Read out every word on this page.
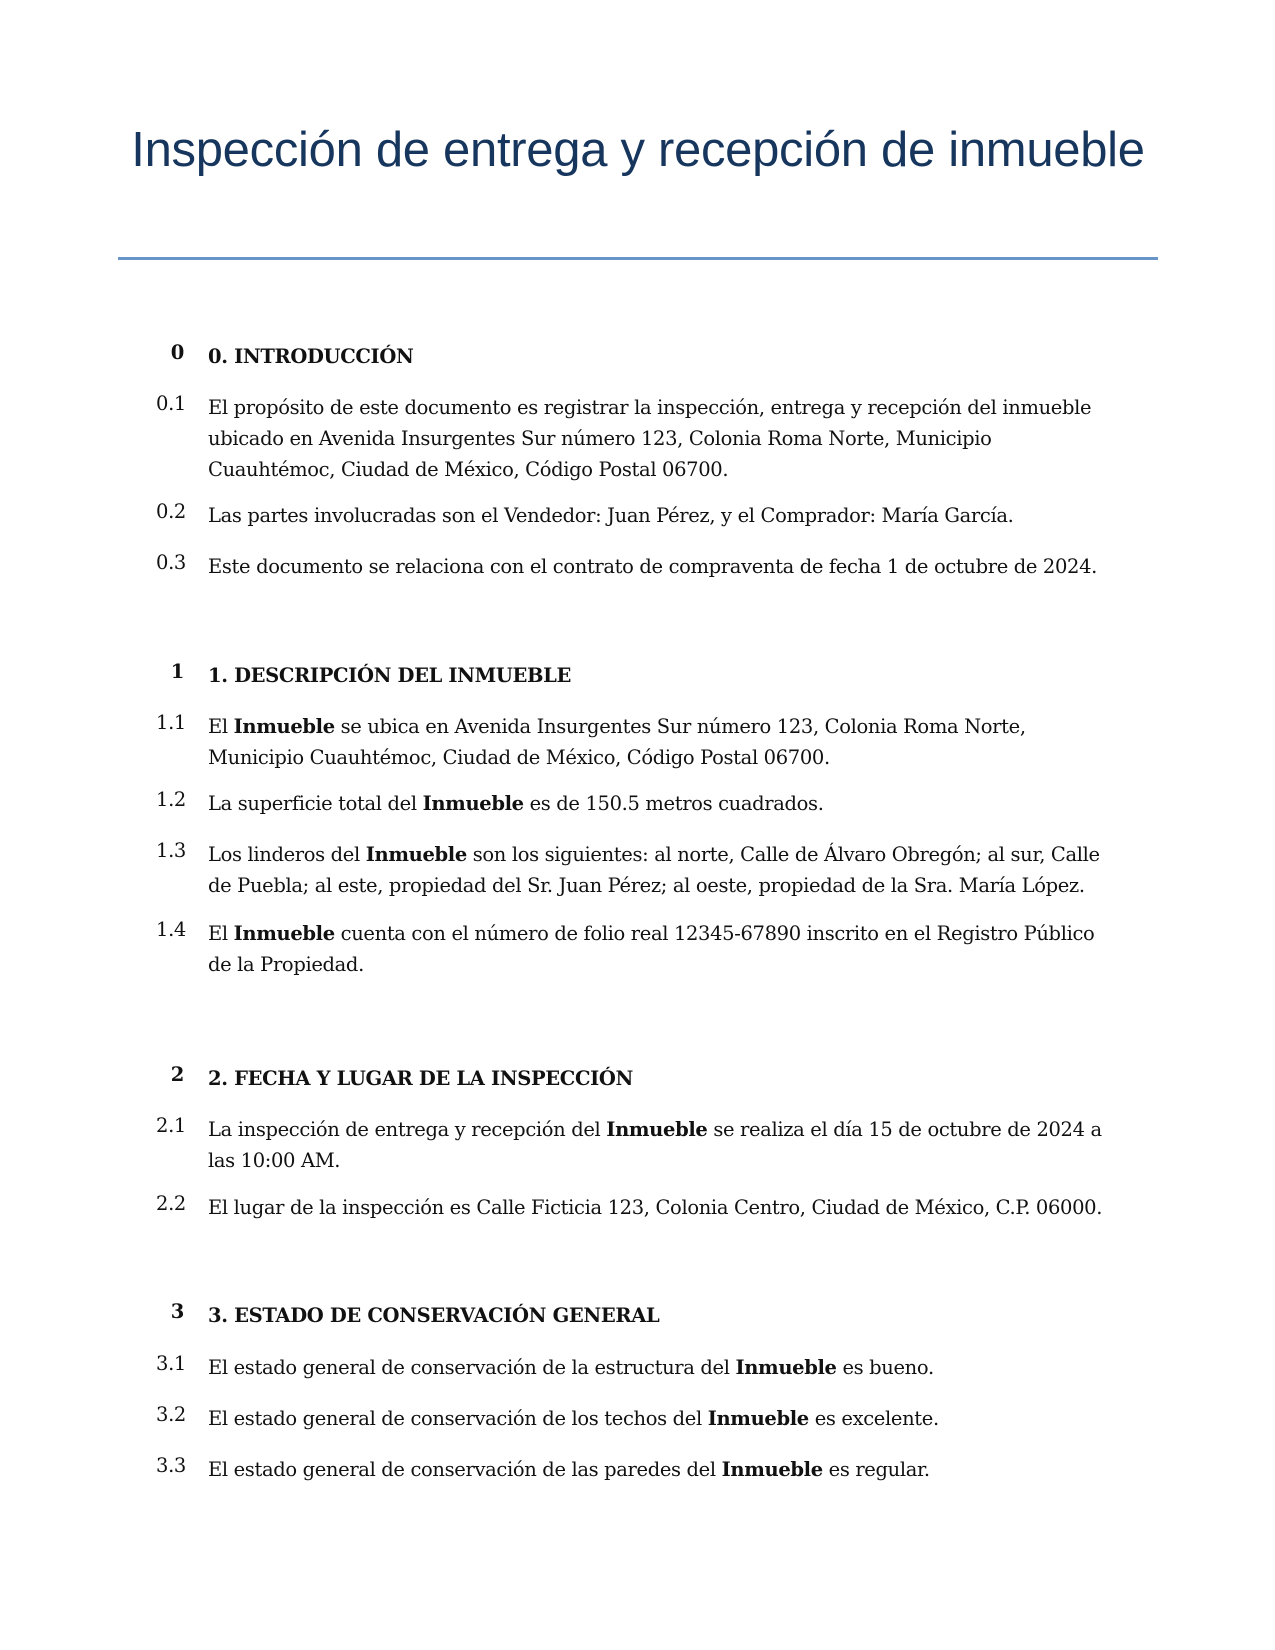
Inspección de entrega y recepción de inmueble
0 0. INTRODUCCIÓN
0.1 El propósito de este documento es registrar la inspección, entrega y recepción del inmueble ubicado en Avenida Insurgentes Sur número 123, Colonia Roma Norte, Municipio Cuauhtémoc, Ciudad de México, Código Postal 06700.
0.2 Las partes involucradas son el Vendedor: Juan Pérez, y el Comprador: María García.
0.3 Este documento se relaciona con el contrato de compraventa de fecha 1 de octubre de 2024.
1 1. DESCRIPCIÓN DEL INMUEBLE
1.1 El Inmueble se ubica en Avenida Insurgentes Sur número 123, Colonia Roma Norte, Municipio Cuauhtémoc, Ciudad de México, Código Postal 06700.
1.2 La superficie total del Inmueble es de 150.5 metros cuadrados.
1.3 Los linderos del Inmueble son los siguientes: al norte, Calle de Álvaro Obregón; al sur, Calle de Puebla; al este, propiedad del Sr. Juan Pérez; al oeste, propiedad de la Sra. María López.
1.4 El Inmueble cuenta con el número de folio real 12345-67890 inscrito en el Registro Público de la Propiedad.
2 2. FECHA Y LUGAR DE LA INSPECCIÓN
2.1 La inspección de entrega y recepción del Inmueble se realiza el día 15 de octubre de 2024 a las 10:00 AM.
2.2 El lugar de la inspección es Calle Ficticia 123, Colonia Centro, Ciudad de México, C.P. 06000.
3 3. ESTADO DE CONSERVACIÓN GENERAL
3.1 El estado general de conservación de la estructura del Inmueble es bueno.
3.2 El estado general de conservación de los techos del Inmueble es excelente.
3.3 El estado general de conservación de las paredes del Inmueble es regular.
